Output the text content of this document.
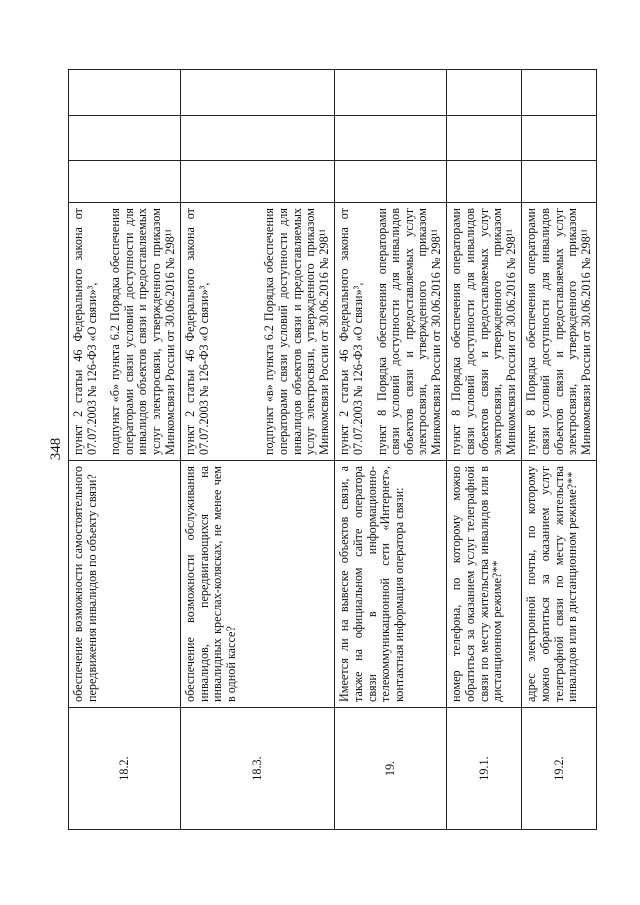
348
18.2.	обеспечение возможности самостоятельного передвижения инвалидов по объекту связи?	пункт 2 статьи 46 Федерального закона от 07.07.2003 № 126-ФЗ «О связи»³, подпункт «б» пункта 6.2 Порядка обеспечения операторами связи условий доступности для инвалидов объектов связи и предоставляемых услуг электросвязи, утвержденного приказом Минкомсвязи России от 30.06.2016 № 298¹¹			

18.3.	обеспечение возможности обслуживания инвалидов, передвигающихся на инвалидных креслах-колясках, не менее чем в одной кассе?	пункт 2 статьи 46 Федерального закона от 07.07.2003 № 126-ФЗ «О связи»³, подпункт «в» пункта 6.2 Порядка обеспечения операторами связи условий доступности для инвалидов объектов связи и предоставляемых услуг электросвязи, утвержденного приказом Минкомсвязи России от 30.06.2016 № 298¹¹			

19.	Имеется ли на вывеске объектов связи, а также на официальном сайте оператора связи в информационно-телекоммуникационной сети «Интернет», контактная информация оператора связи:	пункт 2 статьи 46 Федерального закона от 07.07.2003 № 126-ФЗ «О связи»³, пункт 8 Порядка обеспечения операторами связи условий доступности для инвалидов объектов связи и предоставляемых услуг электросвязи, утвержденного приказом Минкомсвязи России от 30.06.2016 № 298¹¹			

19.1.	номер телефона, по которому можно обратиться за оказанием услуг телеграфной связи по месту жительства инвалидов или в дистанционном режиме?**	пункт 8 Порядка обеспечения операторами связи условий доступности для инвалидов объектов связи и предоставляемых услуг электросвязи, утвержденного приказом Минкомсвязи России от 30.06.2016 № 298¹¹			

19.2.	адрес электронной почты, по которому можно обратиться за оказанием услуг телеграфной связи по месту жительства инвалидов или в дистанционном режиме?**	пункт 8 Порядка обеспечения операторами связи условий доступности для инвалидов объектов связи и предоставляемых услуг электросвязи, утвержденного приказом Минкомсвязи России от 30.06.2016 № 298¹¹			
